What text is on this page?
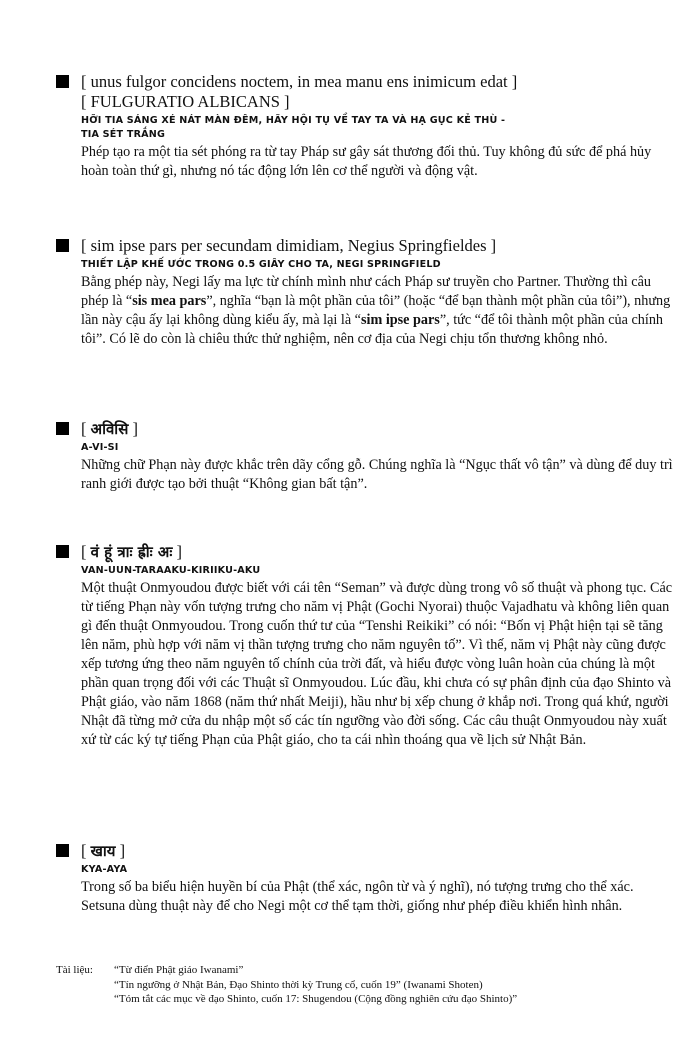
[ unus fulgor concidens noctem, in mea manu ens inimicum edat ]
[ FULGURATIO ALBICANS ]
HỠI TIA SÁNG XÉ NÁT MÀN ĐÊM, HÃY HỘI TỤ VỀ TAY TA VÀ HẠ GỤC KẺ THÙ -
TIA SÉT TRẮNG
Phép tạo ra một tia sét phóng ra từ tay Pháp sư gây sát thương đối thủ. Tuy không đủ sức để phá hủy hoàn toàn thứ gì, nhưng nó tác động lớn lên cơ thể người và động vật.
[ sim ipse pars per secundam dimidiam, Negius Springfieldes ]
THIẾT LẬP KHẾ ƯỚC TRONG 0.5 GIÂY CHO TA, NEGI SPRINGFIELD
Bằng phép này, Negi lấy ma lực từ chính mình như cách Pháp sư truyền cho Partner. Thường thì câu phép là “sis mea pars”, nghĩa “bạn là một phần của tôi” (hoặc “để bạn thành một phần của tôi”), nhưng lần này cậu ấy lại không dùng kiểu ấy, mà lại là “sim ipse pars”, tức “để tôi thành một phần của chính tôi”. Có lẽ do còn là chiêu thức thử nghiệm, nên cơ địa của Negi chịu tổn thương không nhỏ.
[ अविसि ]
A-VI-SI
Những chữ Phạn này được khắc trên dãy cổng gỗ. Chúng nghĩa là “Ngục thất vô tận” và dùng để duy trì ranh giới được tạo bởi thuật “Không gian bất tận”.
[ वं हूं त्राः ह्रीः अः ]
VAN-UUN-TARAAKU-KIRIIKU-AKU
Một thuật Onmyoudou được biết với cái tên “Seman” và được dùng trong vô số thuật và phong tục. Các từ tiếng Phạn này vốn tượng trưng cho năm vị Phật (Gochi Nyorai) thuộc Vajadhatu và không liên quan gì đến thuật Onmyoudou. Trong cuốn thứ tư của “Tenshi Reikiki” có nói: “Bốn vị Phật hiện tại sẽ tăng lên năm, phù hợp với năm vị thần tượng trưng cho năm nguyên tố”. Vì thế, năm vị Phật này cũng được xếp tương ứng theo năm nguyên tố chính của trời đất, và hiểu được vòng luân hoàn của chúng là một phần quan trọng đối với các Thuật sĩ Onmyoudou. Lúc đầu, khi chưa có sự phân định của đạo Shinto và Phật giáo, vào năm 1868 (năm thứ nhất Meiji), hầu như bị xếp chung ở khắp nơi. Trong quá khứ, người Nhật đã từng mở cửa du nhập một số các tín ngưỡng vào đời sống. Các câu thuật Onmyoudou này xuất xứ từ các ký tự tiếng Phạn của Phật giáo, cho ta cái nhìn thoáng qua về lịch sử Nhật Bản.
[ खाय ]
KYA-AYA
Trong số ba biểu hiện huyền bí của Phật (thể xác, ngôn từ và ý nghĩ), nó tượng trưng cho thể xác. Setsuna dùng thuật này để cho Negi một cơ thể tạm thời, giống như phép điều khiển hình nhân.
Tài liệu: “Từ điển Phật giáo Iwanami”
“Tín ngưỡng ở Nhật Bản, Đạo Shinto thời kỳ Trung cổ, cuốn 19” (Iwanami Shoten)
“Tóm tắt các mục về đạo Shinto, cuốn 17: Shugendou (Cộng đồng nghiên cứu đạo Shinto)”
